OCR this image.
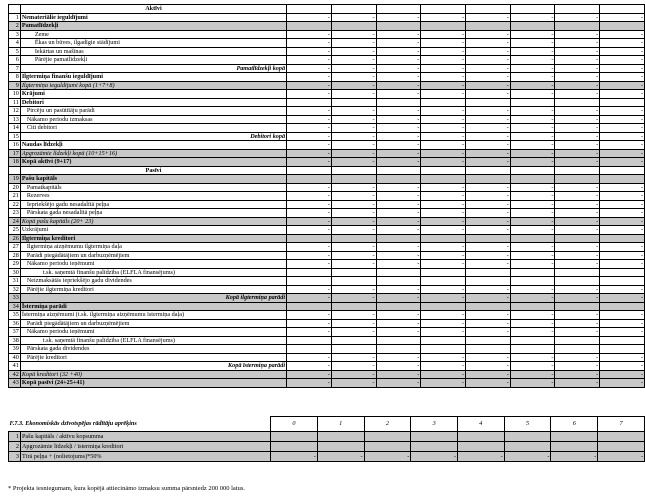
	Aktīvi								
1	Nemateriālie ieguldījumi	-	-	-	-	-	-	-	-
2	Pamatlīdzekļi								
3	Zeme	-	-	-	-	-	-	-	-
4	Ēkas un būves, ilgadīgie stādījumi	-	-	-	-	-	-	-	-
5	Iekārtas un mašīnas	-	-	-	-	-	-	-	-
6	Pārējie pamatlīdzekļi	-	-	-	-	-	-	-	-
7	Pamatlīdzekļi kopā	-	-	-	-	-	-	-	-
8	Ilgtermiņa finanšu ieguldījumi	-	-	-	-	-	-	-	-
9	Ilgtermiņa ieguldījumi kopā (1+7+8)	-	-	-	-	-	-	-	-
10	Krājumi	-	-	-	-	-	-	-	-
11	Debitori								
12	Pircēju un pasūtītāju parādi	-	-	-	-	-	-	-	-
13	Nākamo periodu izmaksas	-	-	-	-	-	-	-	-
14	Citi debitori	-	-	-	-	-	-	-	-
15	Debitori kopā	-	-	-	-	-	-	-	-
16	Naudas līdzekļi	-	-	-	-	-	-	-	-
17	Apgrozāmie līdzekļi kopā (10+15+16)	-	-	-	-	-	-	-	-
18	Kopā aktīvi (9+17)	-	-	-	-	-	-	-	-
	Pasīvi								
19	Pašu kapitāls								
20	Pamatkapitāls	-	-	-	-	-	-	-	-
21	Rezerves	-	-	-	-	-	-	-	-
22	Iepriekšējo gadu nesadalītā peļņa	-	-	-	-	-	-	-	-
23	Pārskata gada nesadalītā peļņa	-	-	-	-	-	-	-	-
24	Kopā pašu kapitāls (20+ 23)	-	-	-	-	-	-	-	-
25	Uzkrājumi	-	-	-	-	-	-	-	-
26	Ilgtermiņa kreditori								
27	Ilgtermiņa aizņēmumu ilgtermiņa daļa	-	-	-	-	-	-	-	-
28	Parādi piegādātājiem un darbuzņēmējiem	-	-	-	-	-	-	-	-
29	Nākamo periodu ieņēmumi	-	-	-	-	-	-	-	-
30	t.sk. saņemtā finanšu palīdzība (ELFLA finansējums)								
31	Neizmaksātās iepriekšējo gadu dividendes								
32	Pārējie ilgtermiņa kreditori	-	-	-	-	-	-	-	-
33	Kopā ilgtermiņa parādi	-	-	-	-	-	-	-	-
34	Īstermiņa parādi								
35	Īstermiņa aizņēmumi (t.sk. ilgtermiņa aizņēmumu īstermiņa daļa)	-	-	-	-	-	-	-	-
36	Parādi piegādātājiem un darbuzņēmējiem	-	-	-	-	-	-	-	-
37	Nākamo periodu ieņēmumi	-	-	-	-	-	-	-	-
38	t.sk. saņemtā finanšu palīdzība (ELFLA finansējums)								
39	Pārskata gada dividendes								
40	Pārējie kreditori	-	-	-	-	-	-	-	-
41	Kopā īstermiņa parādi	-	-	-	-	-	-	-	-
42	Kopā kreditori (32 +40)	-	-	-	-	-	-	-	-
43	Kopā pasīvi (24+25+41)	-	-	-	-	-	-	-	-
F.7.3. Ekonomiskās dzīvotspējas rādītāju aprēķins		0	1	2	3	4	5	6	7
1	Pašu kapitāls / aktīvu kopsumma								
2	Apgrozāmie līdzekļi / īstermiņa kreditori								
3	Tīrā peļņa + (nolietojums)*50%	-	-	-	-	-	-	-	-
* Projekta iesniegumam, kura kopējā attiecināmo izmaksu summa pārsniedz 200 000 latus.
